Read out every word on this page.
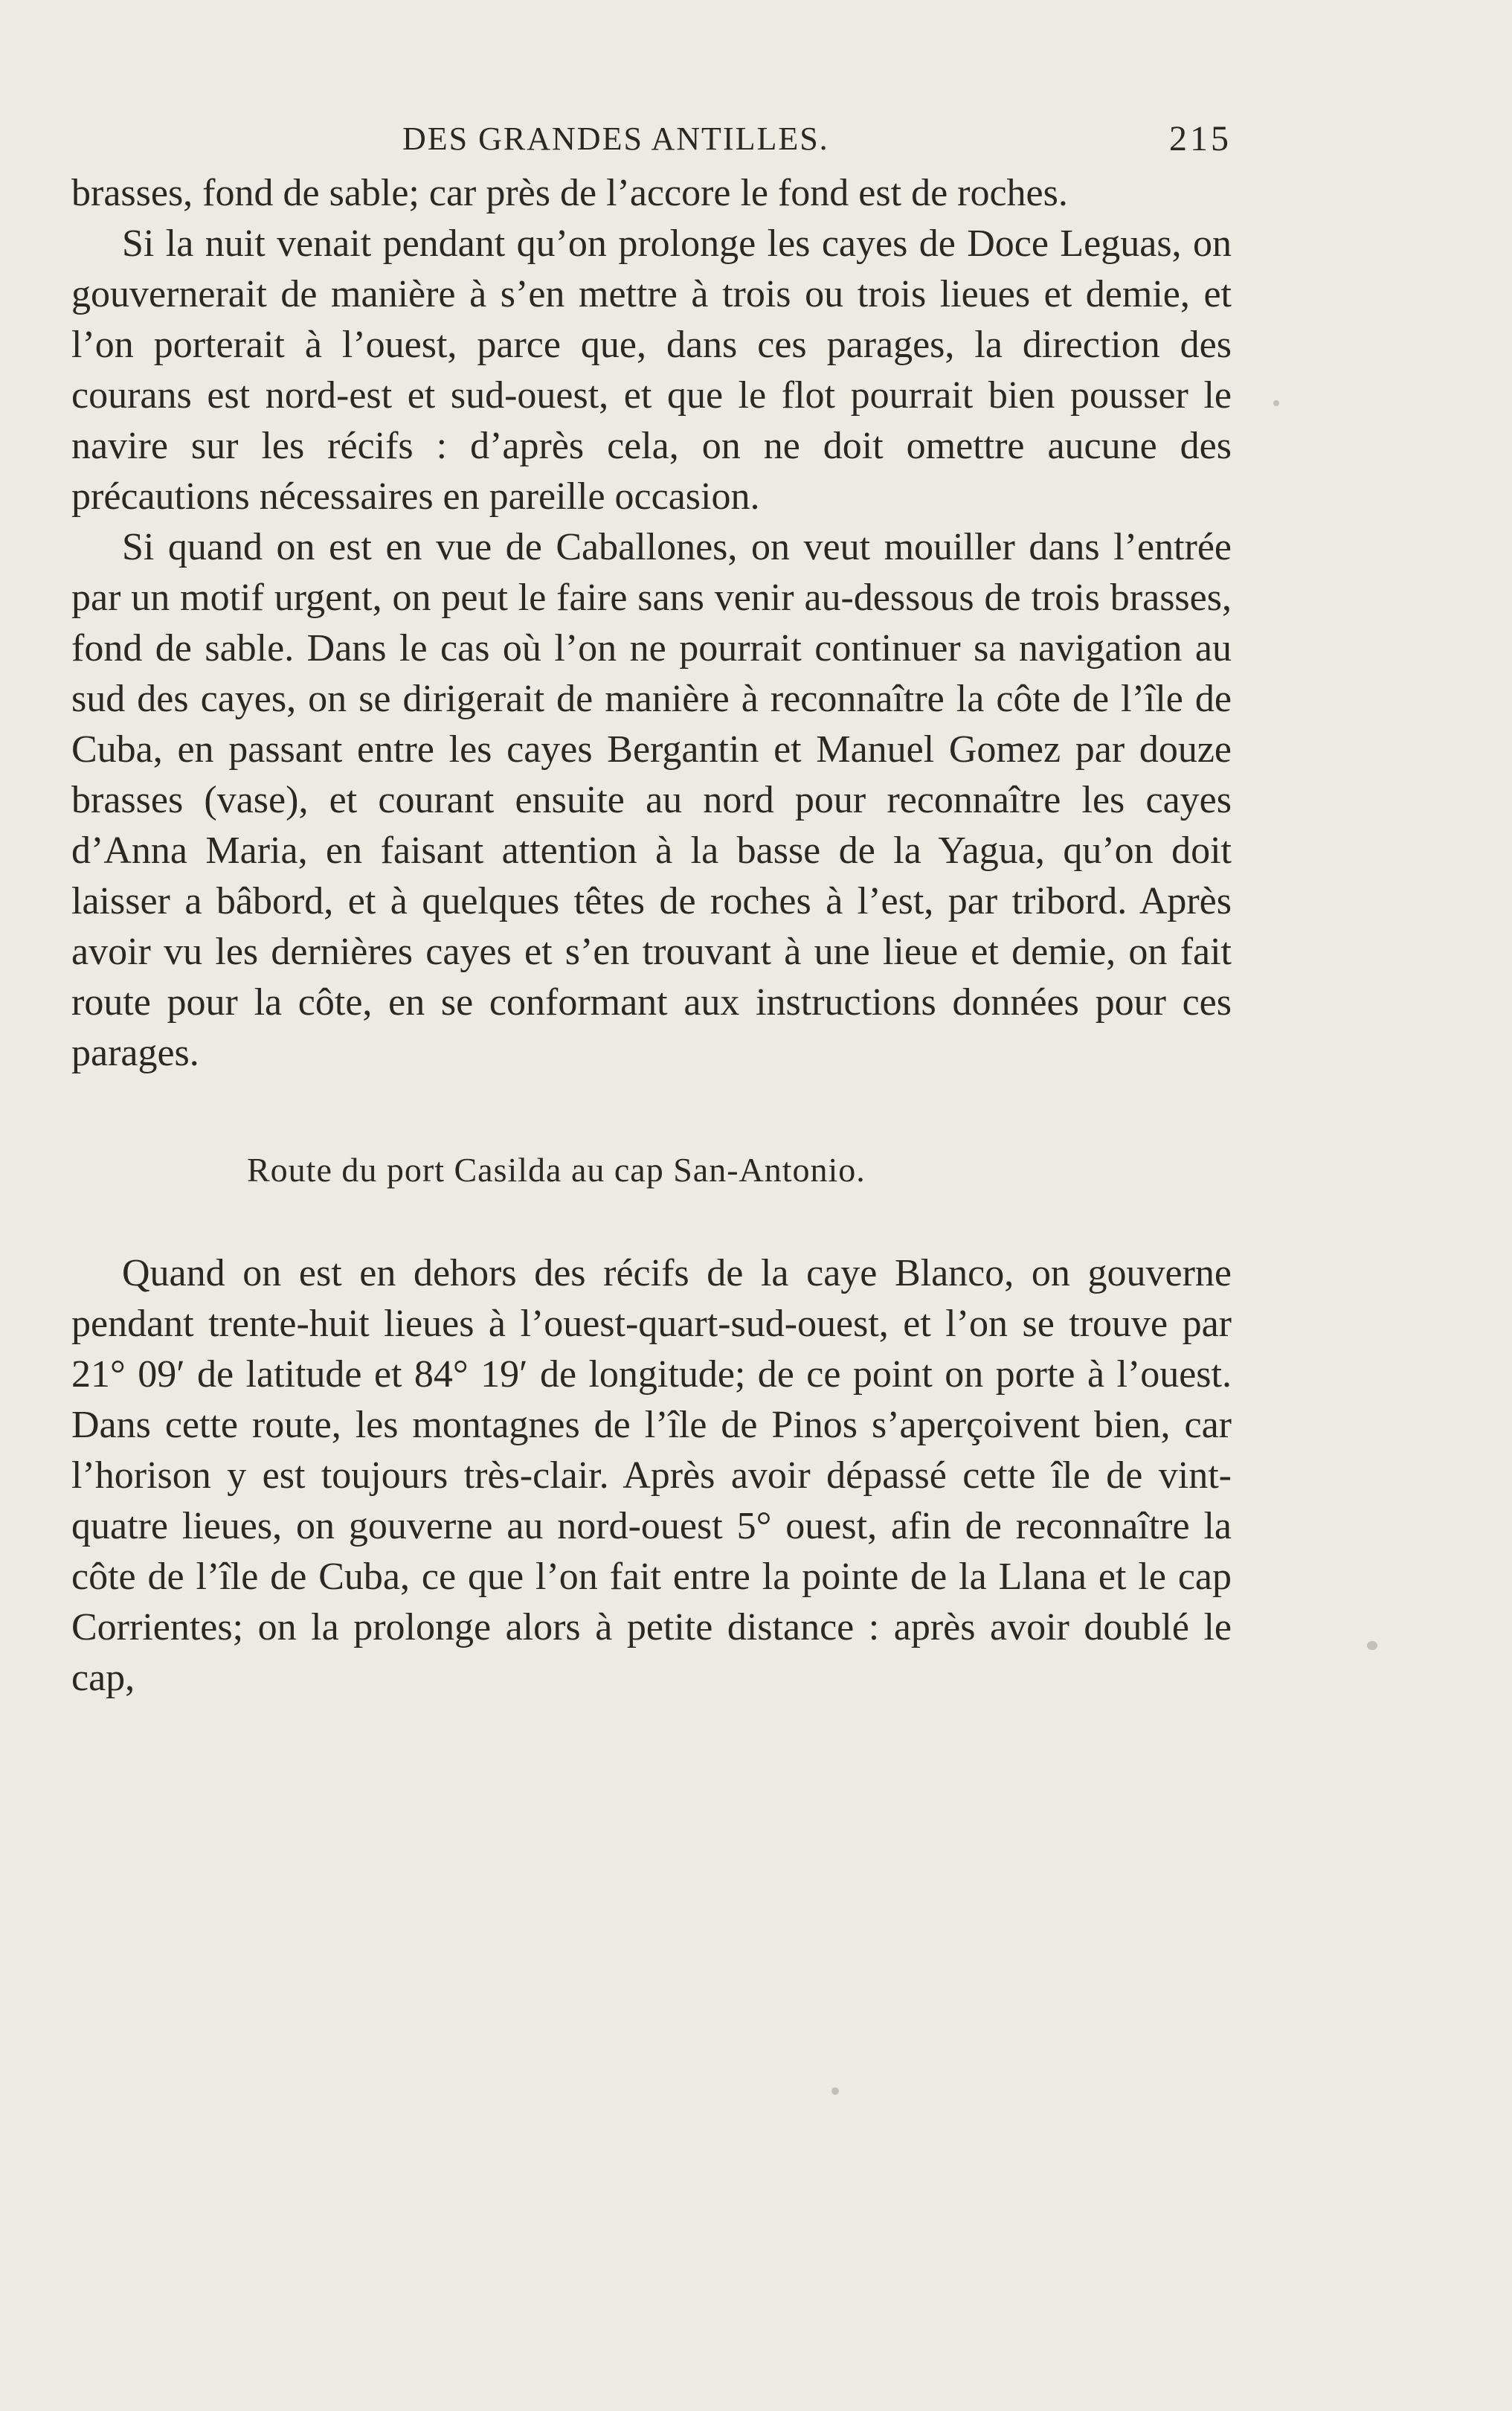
DES GRANDES ANTILLES.	215

brasses, fond de sable; car près de l’accore le fond est de roches.

Si la nuit venait pendant qu’on prolonge les cayes de Doce Leguas, on gouvernerait de manière à s’en mettre à trois ou trois lieues et demie, et l’on porterait à l’ouest, parce que, dans ces parages, la direction des courans est nord-est et sud-ouest, et que le flot pourrait bien pousser le navire sur les récifs : d’après cela, on ne doit omettre aucune des précautions nécessaires en pareille occasion.

Si quand on est en vue de Caballones, on veut mouiller dans l’entrée par un motif urgent, on peut le faire sans venir au-dessous de trois brasses, fond de sable. Dans le cas où l’on ne pourrait continuer sa navigation au sud des cayes, on se dirigerait de manière à reconnaître la côte de l’île de Cuba, en passant entre les cayes Bergantin et Manuel Gomez par douze brasses (vase), et courant ensuite au nord pour reconnaître les cayes d’Anna Maria, en faisant attention à la basse de la Yagua, qu’on doit laisser a bâbord, et à quelques têtes de roches à l’est, par tribord. Après avoir vu les dernières cayes et s’en trouvant à une lieue et demie, on fait route pour la côte, en se conformant aux instructions données pour ces parages.

Route du port Casilda au cap San-Antonio.

Quand on est en dehors des récifs de la caye Blanco, on gouverne pendant trente-huit lieues à l’ouest-quart-sud-ouest, et l’on se trouve par 21° 09′ de latitude et 84° 19′ de longitude; de ce point on porte à l’ouest. Dans cette route, les montagnes de l’île de Pinos s’aperçoivent bien, car l’horison y est toujours très-clair. Après avoir dépassé cette île de vint-quatre lieues, on gouverne au nord-ouest 5° ouest, afin de reconnaître la côte de l’île de Cuba, ce que l’on fait entre la pointe de la Llana et le cap Corrientes; on la prolonge alors à petite distance : après avoir doublé le cap,
